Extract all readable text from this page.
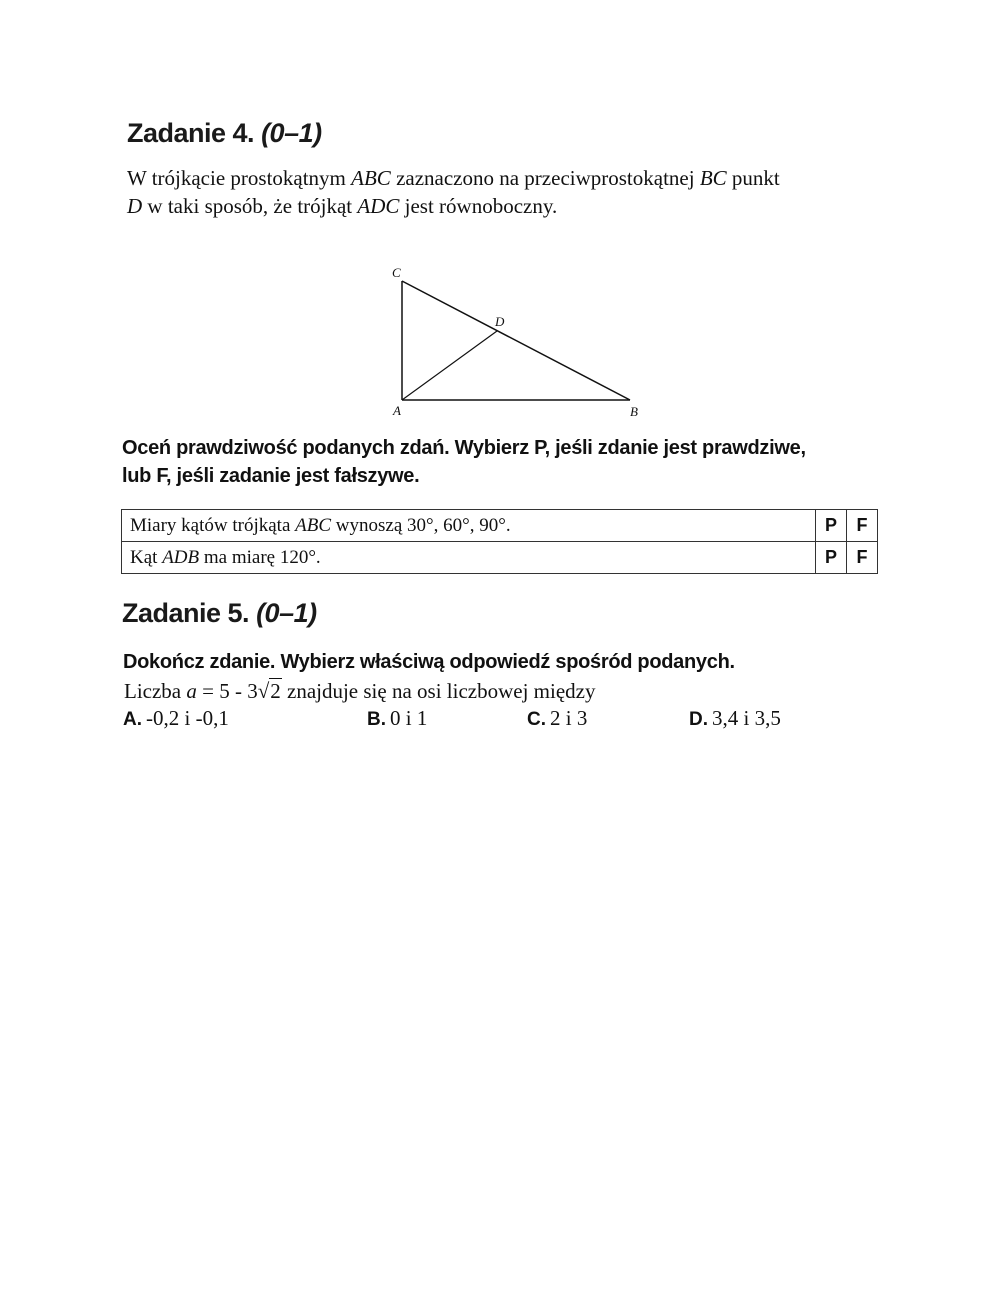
Zadanie 4. (0–1)
W trójkącie prostokątnym ABC zaznaczono na przeciwprostokątnej BC punkt
D w taki sposób, że trójkąt ADC jest równoboczny.
C
D
A	B
Oceń prawdziwość podanych zdań. Wybierz P, jeśli zdanie jest prawdziwe,
lub F, jeśli zadanie jest fałszywe.
Miary kątów trójkąta ABC wynoszą 30°, 60°, 90°.	P	F
Kąt ADB ma miarę 120°.	P	F
Zadanie 5. (0–1)
Dokończ zdanie. Wybierz właściwą odpowiedź spośród podanych.
Liczba a = 5 - 3√2 znajduje się na osi liczbowej między
A. -0,2 i -0,1	B. 0 i 1	C. 2 i 3	D. 3,4 i 3,5
